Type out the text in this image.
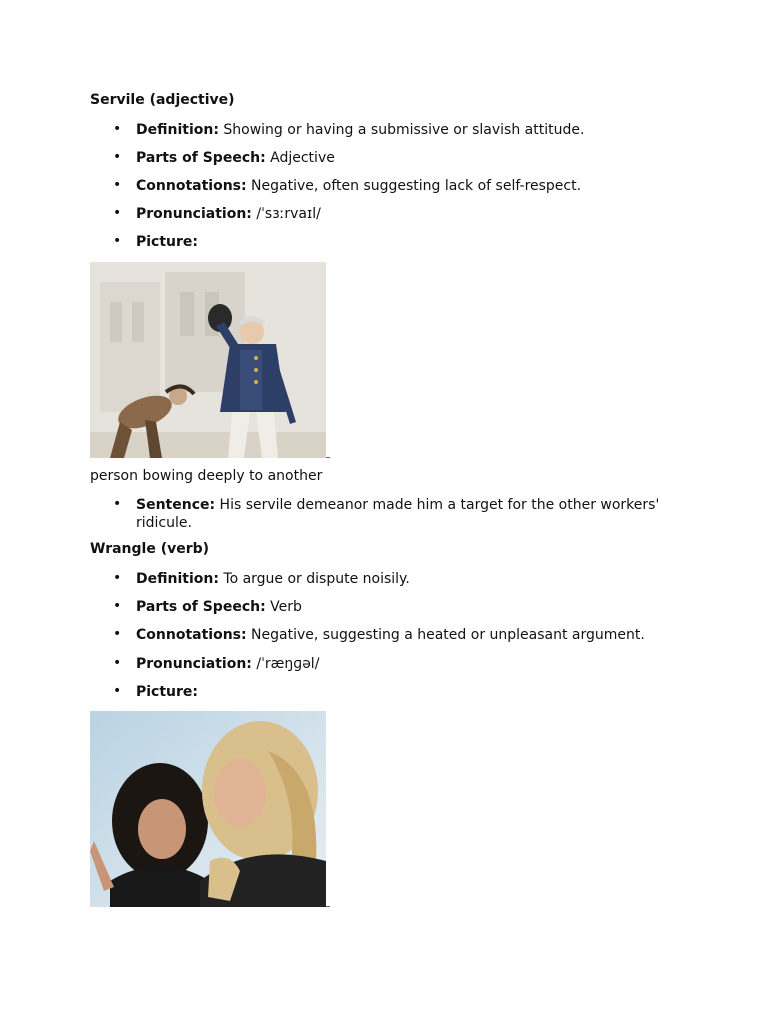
Servile (adjective)
•
Definition: Showing or having a submissive or slavish attitude.
•
Parts of Speech: Adjective
•
Connotations: Negative, often suggesting lack of self-respect.
•
Pronunciation: /ˈsɜːrvaɪl/
•
Picture:
person bowing deeply to another
•
Sentence: His servile demeanor made him a target for the other workers' ridicule.
Wrangle (verb)
•
Definition: To argue or dispute noisily.
•
Parts of Speech: Verb
•
Connotations: Negative, suggesting a heated or unpleasant argument.
•
Pronunciation: /ˈræŋɡəl/
•
Picture:
